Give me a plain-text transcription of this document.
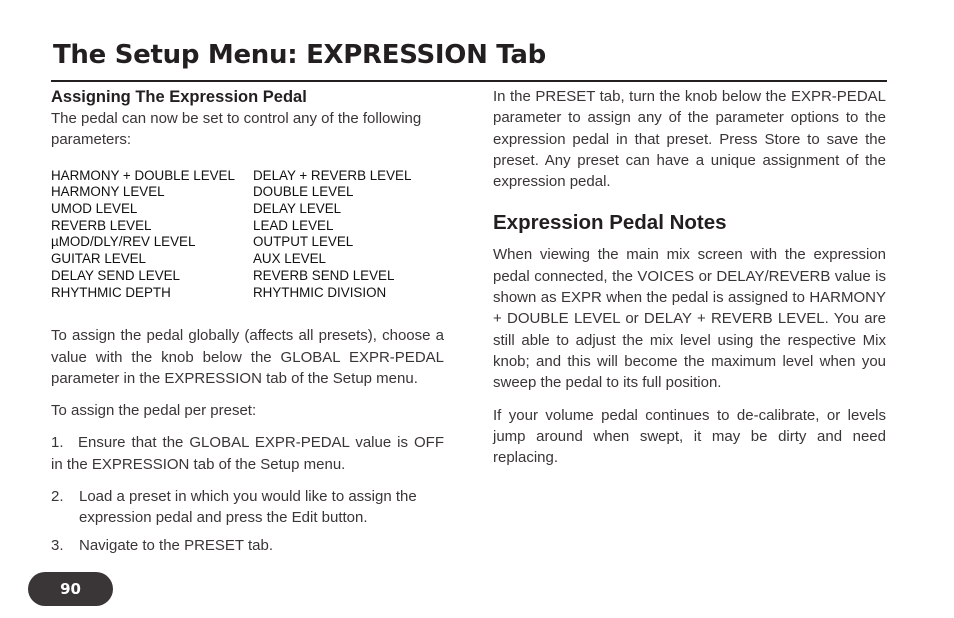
The Setup Menu: EXPRESSION Tab
Assigning The Expression Pedal

The pedal can now be set to control any of the following parameters:

HARMONY + DOUBLE LEVEL	DELAY + REVERB LEVEL
HARMONY LEVEL	DOUBLE LEVEL
UMOD LEVEL	DELAY LEVEL
REVERB LEVEL	LEAD LEVEL
µMOD/DLY/REV LEVEL	OUTPUT LEVEL
GUITAR LEVEL	AUX LEVEL
DELAY SEND LEVEL	REVERB SEND LEVEL
RHYTHMIC DEPTH	RHYTHMIC DIVISION

To assign the pedal globally (affects all presets), choose a value with the knob below the GLOBAL EXPR-PEDAL parameter in the EXPRESSION tab of the Setup menu.

To assign the pedal per preset:

1. Ensure that the GLOBAL EXPR-PEDAL value is OFF in the EXPRESSION tab of the Setup menu.
2.	Load a preset in which you would like to assign the expression pedal and press the Edit button.
3.	Navigate to the PRESET tab.

In the PRESET tab, turn the knob below the EXPR-PEDAL parameter to assign any of the parameter options to the expression pedal in that preset. Press Store to save the preset. Any preset can have a unique assignment of the expression pedal.

Expression Pedal Notes

When viewing the main mix screen with the expression pedal connected, the VOICES or DELAY/REVERB value is shown as EXPR when the pedal is assigned to HARMONY + DOUBLE LEVEL or DELAY + REVERB LEVEL. You are still able to adjust the mix level using the respective Mix knob; and this will become the maximum level when you sweep the pedal to its full position.

If your volume pedal continues to de-calibrate, or levels jump around when swept, it may be dirty and need replacing.

90
